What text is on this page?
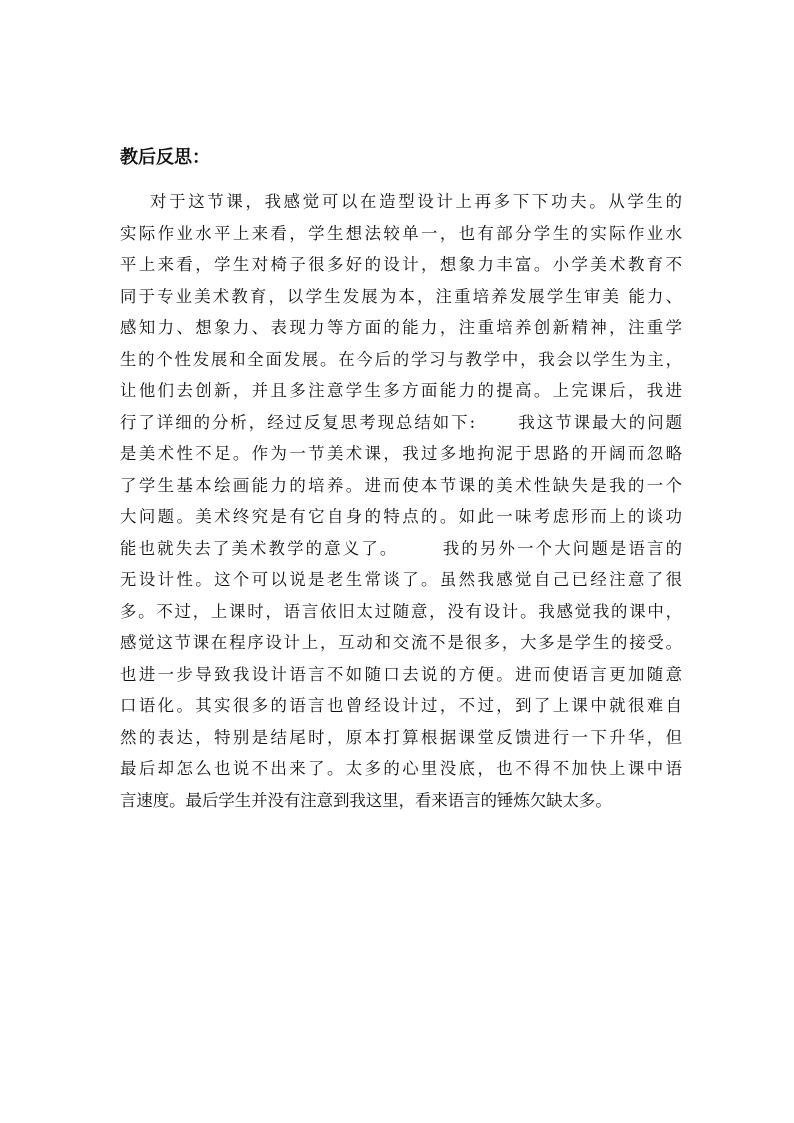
教后反思：
对于这节课，我感觉可以在造型设计上再多下下功夫。从学生的
实际作业水平上来看，学生想法较单一，也有部分学生的实际作业水
平上来看，学生对椅子很多好的设计，想象力丰富。小学美术教育不
同于专业美术教育，以学生发展为本，注重培养发展学生审美 能力、
感知力、想象力、表现力等方面的能力，注重培养创新精神，注重学
生的个性发展和全面发展。在今后的学习与教学中，我会以学生为主，
让他们去创新，并且多注意学生多方面能力的提高。上完课后，我进
行了详细的分析，经过反复思考现总结如下:      我这节课最大的问题
是美术性不足。作为一节美术课，我过多地拘泥于思路的开阔而忽略
了学生基本绘画能力的培养。进而使本节课的美术性缺失是我的一个
大问题。美术终究是有它自身的特点的。如此一味考虑形而上的谈功
能也就失去了美术教学的意义了。      我的另外一个大问题是语言的
无设计性。这个可以说是老生常谈了。虽然我感觉自己已经注意了很
多。不过，上课时，语言依旧太过随意，没有设计。我感觉我的课中，
感觉这节课在程序设计上，互动和交流不是很多，大多是学生的接受。
也进一步导致我设计语言不如随口去说的方便。进而使语言更加随意
口语化。其实很多的语言也曾经设计过，不过，到了上课中就很难自
然的表达，特别是结尾时，原本打算根据课堂反馈进行一下升华，但
最后却怎么也说不出来了。太多的心里没底，也不得不加快上课中语
言速度。最后学生并没有注意到我这里，看来语言的锤炼欠缺太多。
